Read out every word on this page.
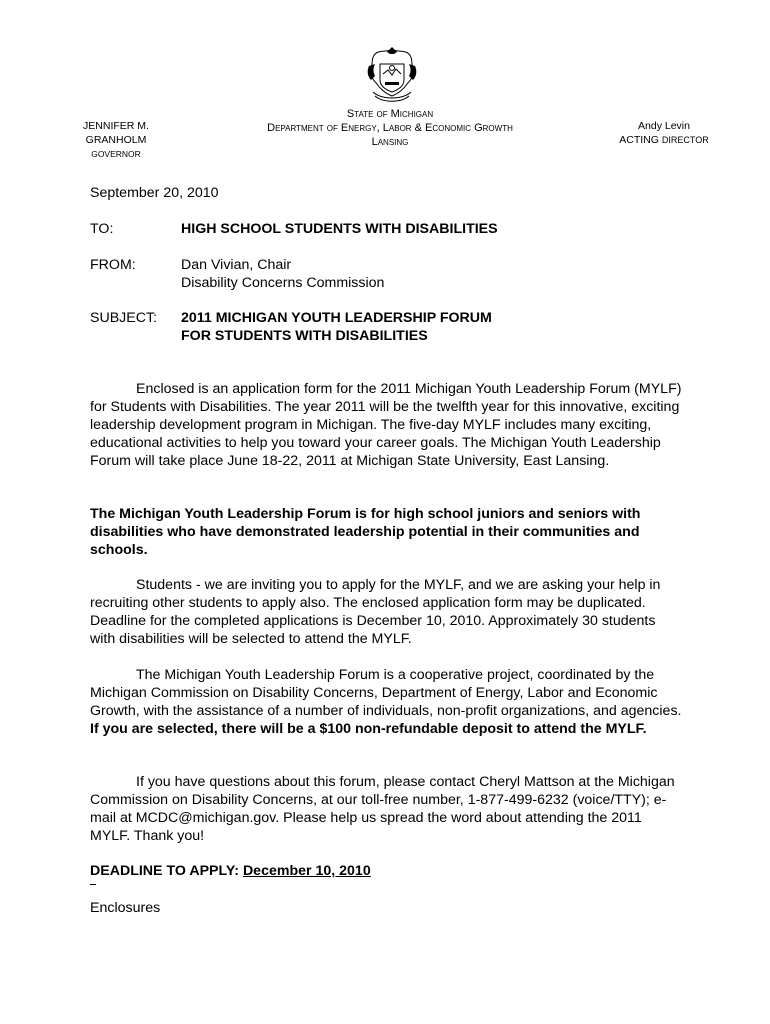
JENNIFER M. GRANHOLM
GOVERNOR
State of Michigan
Department of Energy, Labor & Economic Growth
Lansing
Andy Levin
ACTING DIRECTOR
September 20, 2010
TO:	HIGH SCHOOL STUDENTS WITH DISABILITIES
FROM:	Dan Vivian, Chair
Disability Concerns Commission
SUBJECT:	2011 MICHIGAN YOUTH LEADERSHIP FORUM
FOR STUDENTS WITH DISABILITIES

Enclosed is an application form for the 2011 Michigan Youth Leadership Forum (MYLF) for Students with Disabilities. The year 2011 will be the twelfth year for this innovative, exciting leadership development program in Michigan. The five-day MYLF includes many exciting, educational activities to help you toward your career goals. The Michigan Youth Leadership Forum will take place June 18-22, 2011 at Michigan State University, East Lansing.

The Michigan Youth Leadership Forum is for high school juniors and seniors with disabilities who have demonstrated leadership potential in their communities and schools.

Students - we are inviting you to apply for the MYLF, and we are asking your help in recruiting other students to apply also. The enclosed application form may be duplicated. Deadline for the completed applications is December 10, 2010. Approximately 30 students with disabilities will be selected to attend the MYLF.

The Michigan Youth Leadership Forum is a cooperative project, coordinated by the Michigan Commission on Disability Concerns, Department of Energy, Labor and Economic Growth, with the assistance of a number of individuals, non-profit organizations, and agencies. If you are selected, there will be a $100 non-refundable deposit to attend the MYLF.

If you have questions about this forum, please contact Cheryl Mattson at the Michigan Commission on Disability Concerns, at our toll-free number, 1-877-499-6232 (voice/TTY); e-mail at MCDC@michigan.gov. Please help us spread the word about attending the 2011 MYLF. Thank you!

DEADLINE TO APPLY: December 10, 2010
Enclosures
